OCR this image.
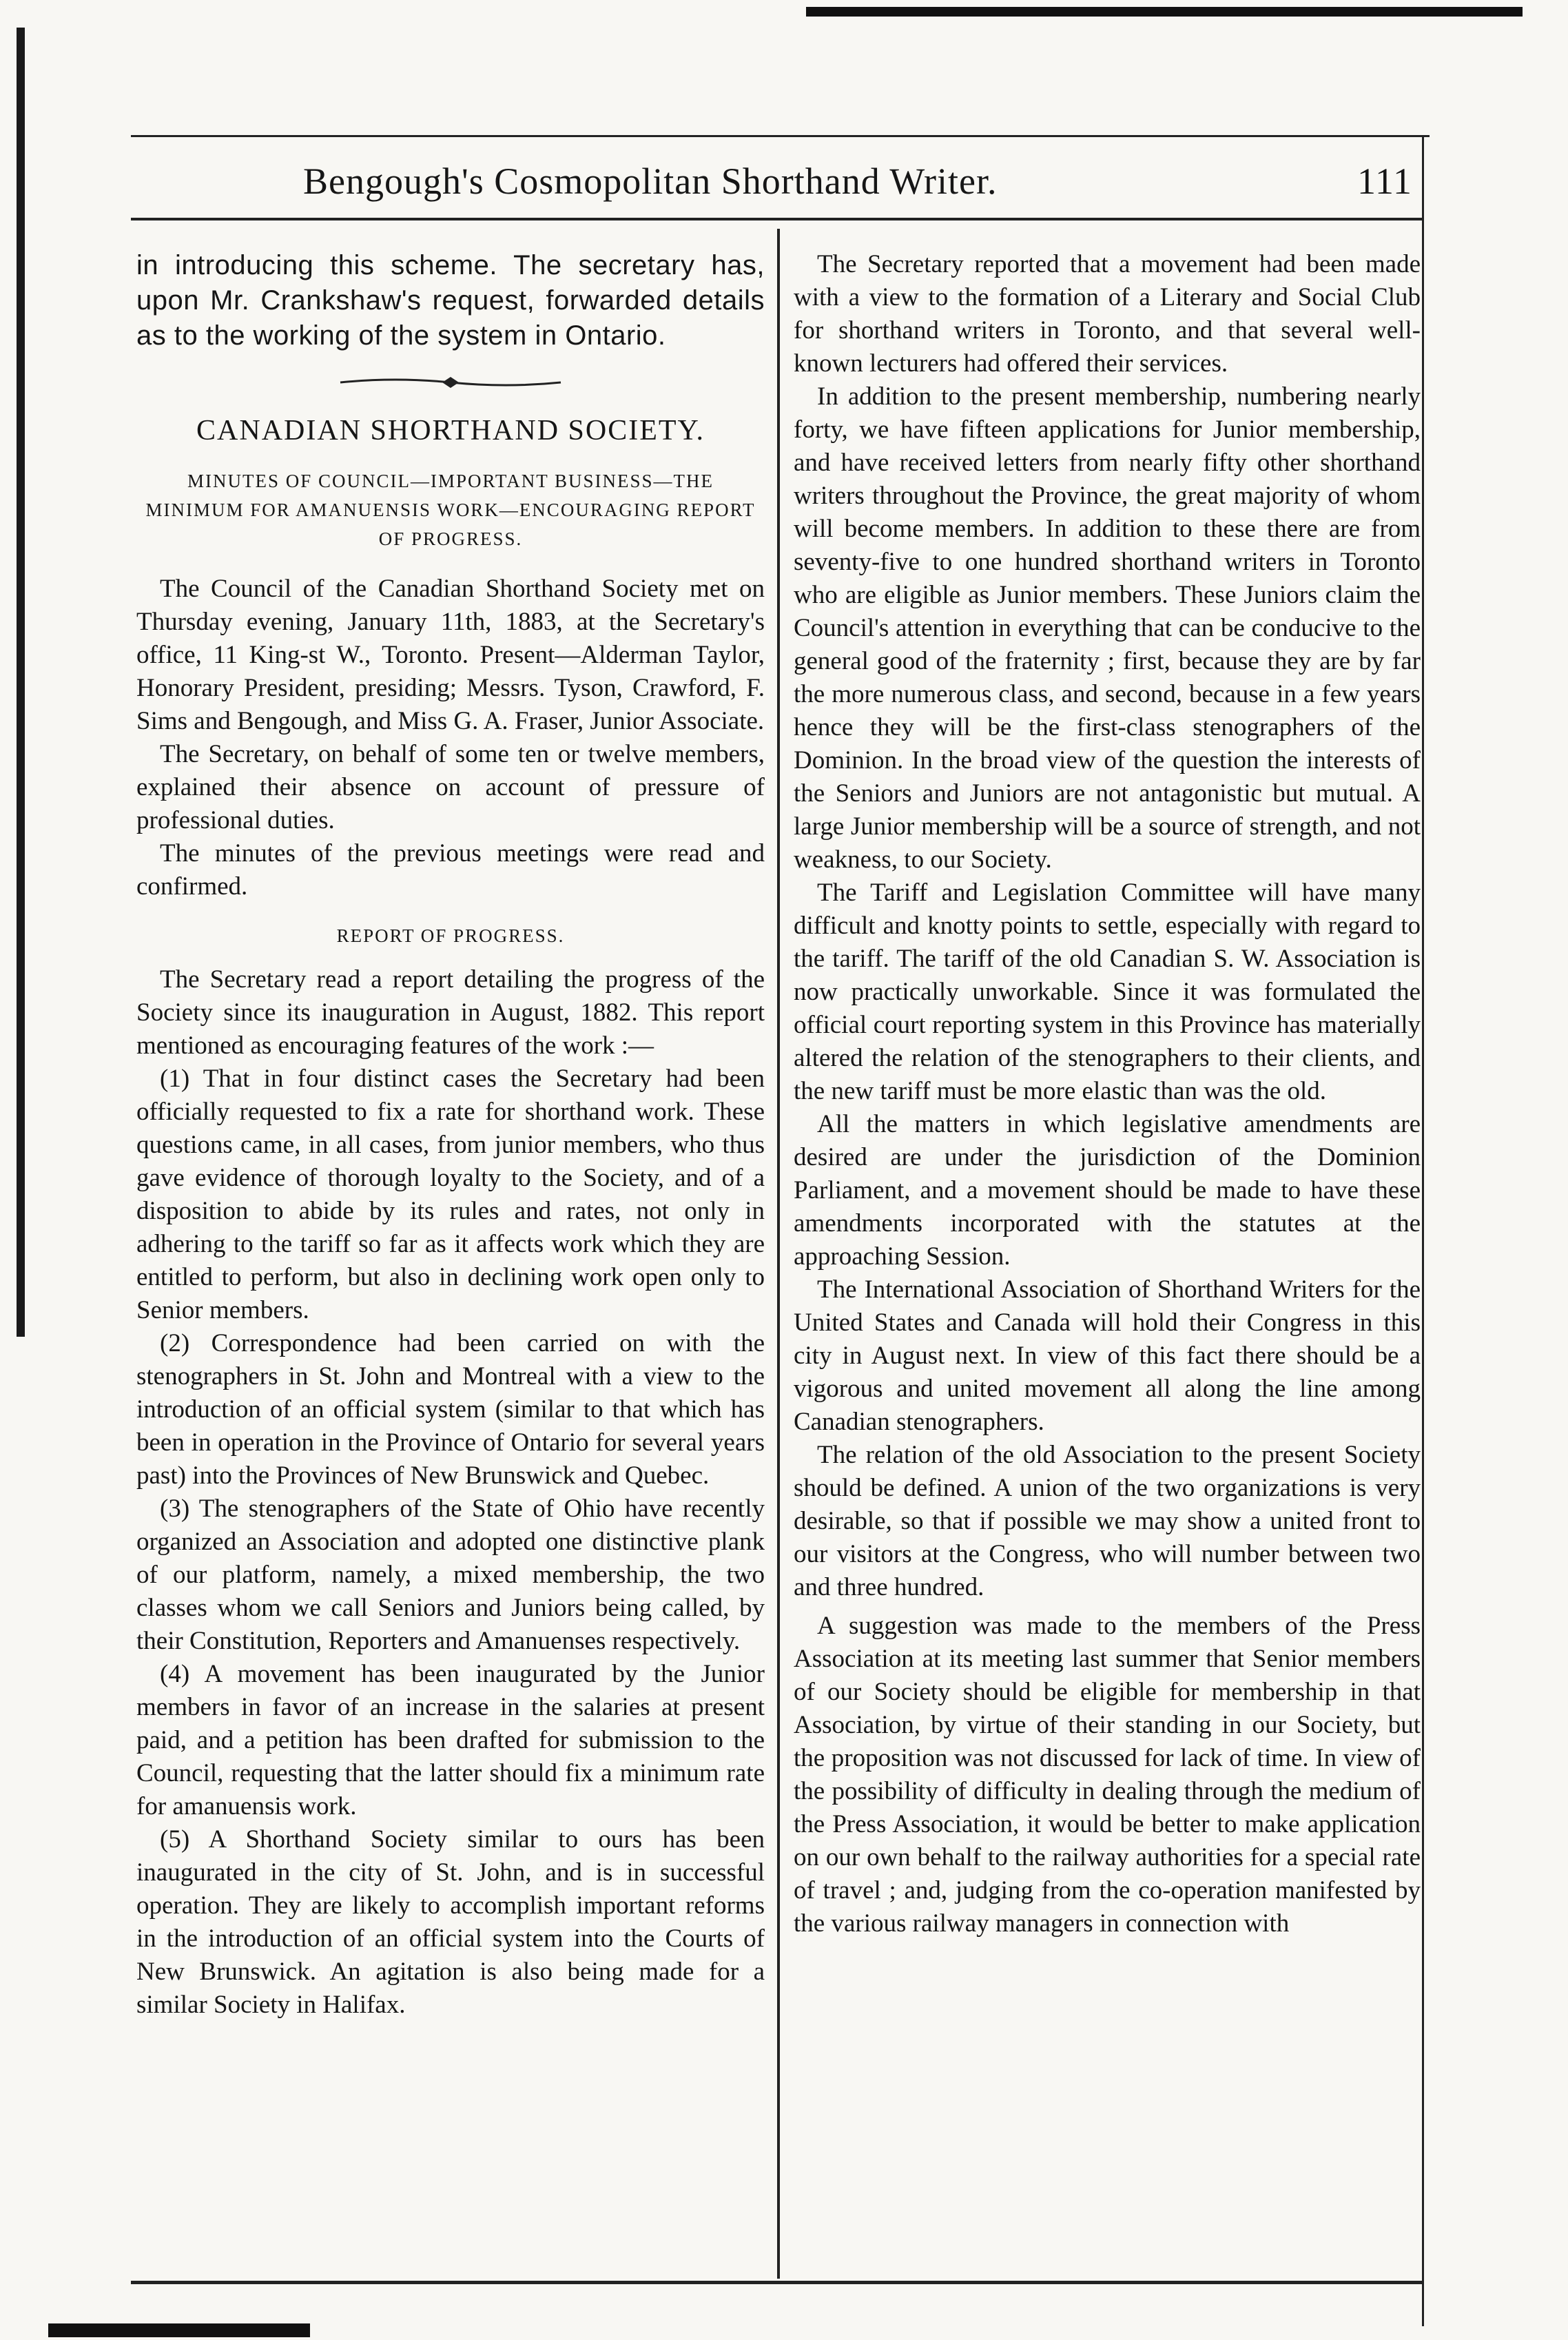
Bengough's Cosmopolitan Shorthand Writer.	111

in introducing this scheme. The secretary has, upon Mr. Crankshaw's request, forwarded details as to the working of the system in Ontario.

CANADIAN SHORTHAND SOCIETY.
MINUTES OF COUNCIL—IMPORTANT BUSINESS—THE MINIMUM FOR AMANUENSIS WORK—ENCOURAGING REPORT OF PROGRESS.

The Council of the Canadian Shorthand Society met on Thursday evening, January 11th, 1883, at the Secretary's office, 11 King-st W., Toronto. Present—Alderman Taylor, Honorary President, presiding; Messrs. Tyson, Crawford, F. Sims and Bengough, and Miss G. A. Fraser, Junior Associate.

The Secretary, on behalf of some ten or twelve members, explained their absence on account of pressure of professional duties.

The minutes of the previous meetings were read and confirmed.

REPORT OF PROGRESS.

The Secretary read a report detailing the progress of the Society since its inauguration in August, 1882. This report mentioned as encouraging features of the work :—

(1) That in four distinct cases the Secretary had been officially requested to fix a rate for shorthand work. These questions came, in all cases, from junior members, who thus gave evidence of thorough loyalty to the Society, and of a disposition to abide by its rules and rates, not only in adhering to the tariff so far as it affects work which they are entitled to perform, but also in declining work open only to Senior members.

(2) Correspondence had been carried on with the stenographers in St. John and Montreal with a view to the introduction of an official system (similar to that which has been in operation in the Province of Ontario for several years past) into the Provinces of New Brunswick and Quebec.

(3) The stenographers of the State of Ohio have recently organized an Association and adopted one distinctive plank of our platform, namely, a mixed membership, the two classes whom we call Seniors and Juniors being called, by their Constitution, Reporters and Amanuenses respectively.

(4) A movement has been inaugurated by the Junior members in favor of an increase in the salaries at present paid, and a petition has been drafted for submission to the Council, requesting that the latter should fix a minimum rate for amanuensis work.

(5) A Shorthand Society similar to ours has been inaugurated in the city of St. John, and is in successful operation. They are likely to accomplish important reforms in the introduction of an official system into the Courts of New Brunswick. An agitation is also being made for a similar Society in Halifax.

The Secretary reported that a movement had been made with a view to the formation of a Literary and Social Club for shorthand writers in Toronto, and that several well-known lecturers had offered their services.

In addition to the present membership, numbering nearly forty, we have fifteen applications for Junior membership, and have received letters from nearly fifty other shorthand writers throughout the Province, the great majority of whom will become members. In addition to these there are from seventy-five to one hundred shorthand writers in Toronto who are eligible as Junior members. These Juniors claim the Council's attention in everything that can be conducive to the general good of the fraternity ; first, because they are by far the more numerous class, and second, because in a few years hence they will be the first-class stenographers of the Dominion. In the broad view of the question the interests of the Seniors and Juniors are not antagonistic but mutual. A large Junior membership will be a source of strength, and not weakness, to our Society.

The Tariff and Legislation Committee will have many difficult and knotty points to settle, especially with regard to the tariff. The tariff of the old Canadian S. W. Association is now practically unworkable. Since it was formulated the official court reporting system in this Province has materially altered the relation of the stenographers to their clients, and the new tariff must be more elastic than was the old.

All the matters in which legislative amendments are desired are under the jurisdiction of the Dominion Parliament, and a movement should be made to have these amendments incorporated with the statutes at the approaching Session.

The International Association of Shorthand Writers for the United States and Canada will hold their Congress in this city in August next. In view of this fact there should be a vigorous and united movement all along the line among Canadian stenographers.

The relation of the old Association to the present Society should be defined. A union of the two organizations is very desirable, so that if possible we may show a united front to our visitors at the Congress, who will number between two and three hundred.

A suggestion was made to the members of the Press Association at its meeting last summer that Senior members of our Society should be eligible for membership in that Association, by virtue of their standing in our Society, but the proposition was not discussed for lack of time. In view of the possibility of difficulty in dealing through the medium of the Press Association, it would be better to make application on our own behalf to the railway authorities for a special rate of travel ; and, judging from the co-operation manifested by the various railway managers in connection with
